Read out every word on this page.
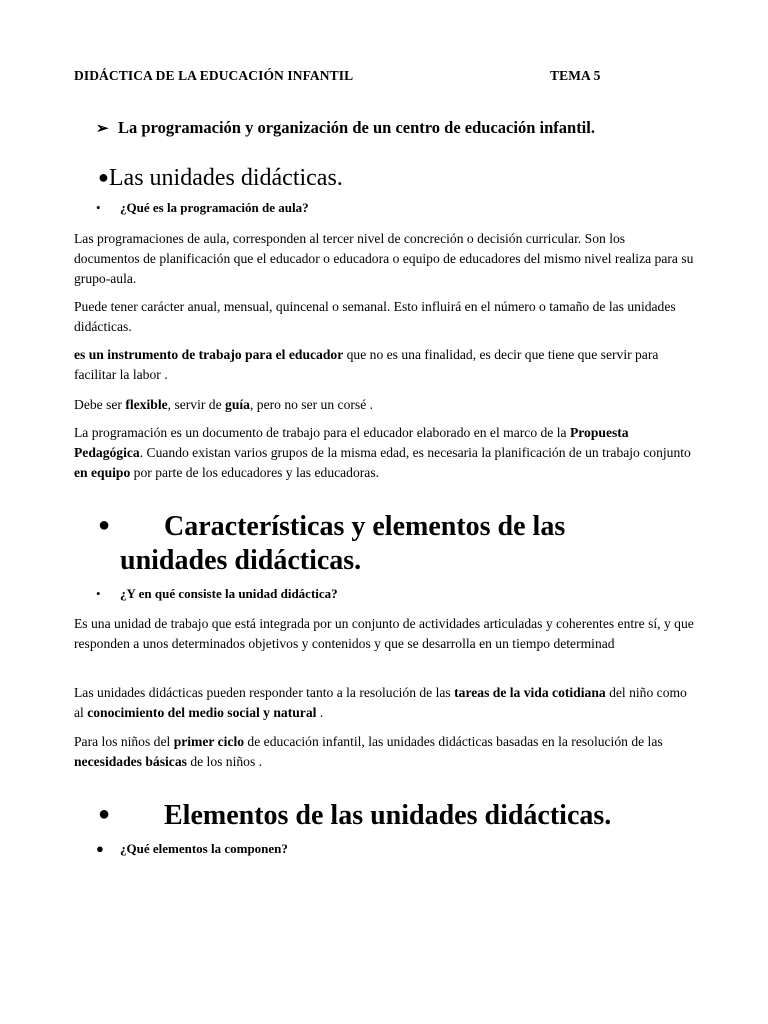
DIDÁCTICA DE LA EDUCACIÓN INFANTIL	TEMA 5
➢ La programación y organización de un centro de educación infantil.
●Las unidades didácticas.
• ¿Qué es la programación de aula?

Las programaciones de aula, corresponden al tercer nivel de concreción o decisión curricular. Son los documentos de planificación que el educador o educadora o equipo de educadores del mismo nivel realiza para su grupo-aula.

Puede tener carácter anual, mensual, quincenal o semanal. Esto influirá en el número o tamaño de las unidades didácticas.

es un instrumento de trabajo para el educador que no es una finalidad, es decir que tiene que servir para facilitar la labor .

Debe ser flexible, servir de guía, pero no ser un corsé .

La programación es un documento de trabajo para el educador elaborado en el marco de la Propuesta Pedagógica. Cuando existan varios grupos de la misma edad, es necesaria la planificación de un trabajo conjunto en equipo por parte de los educadores y las educadoras.

● Características y elementos de las
unidades didácticas.
• ¿Y en qué consiste la unidad didáctica?

Es una unidad de trabajo que está integrada por un conjunto de actividades articuladas y coherentes entre sí, y que responden a unos determinados objetivos y contenidos y que se desarrolla en un tiempo determinad

Las unidades didácticas pueden responder tanto a la resolución de las tareas de la vida cotidiana del niño como al conocimiento del medio social y natural .

Para los niños del primer ciclo de educación infantil, las unidades didácticas basadas en la resolución de las necesidades básicas de los niños .

● Elementos de las unidades didácticas.
● ¿Qué elementos la componen?
